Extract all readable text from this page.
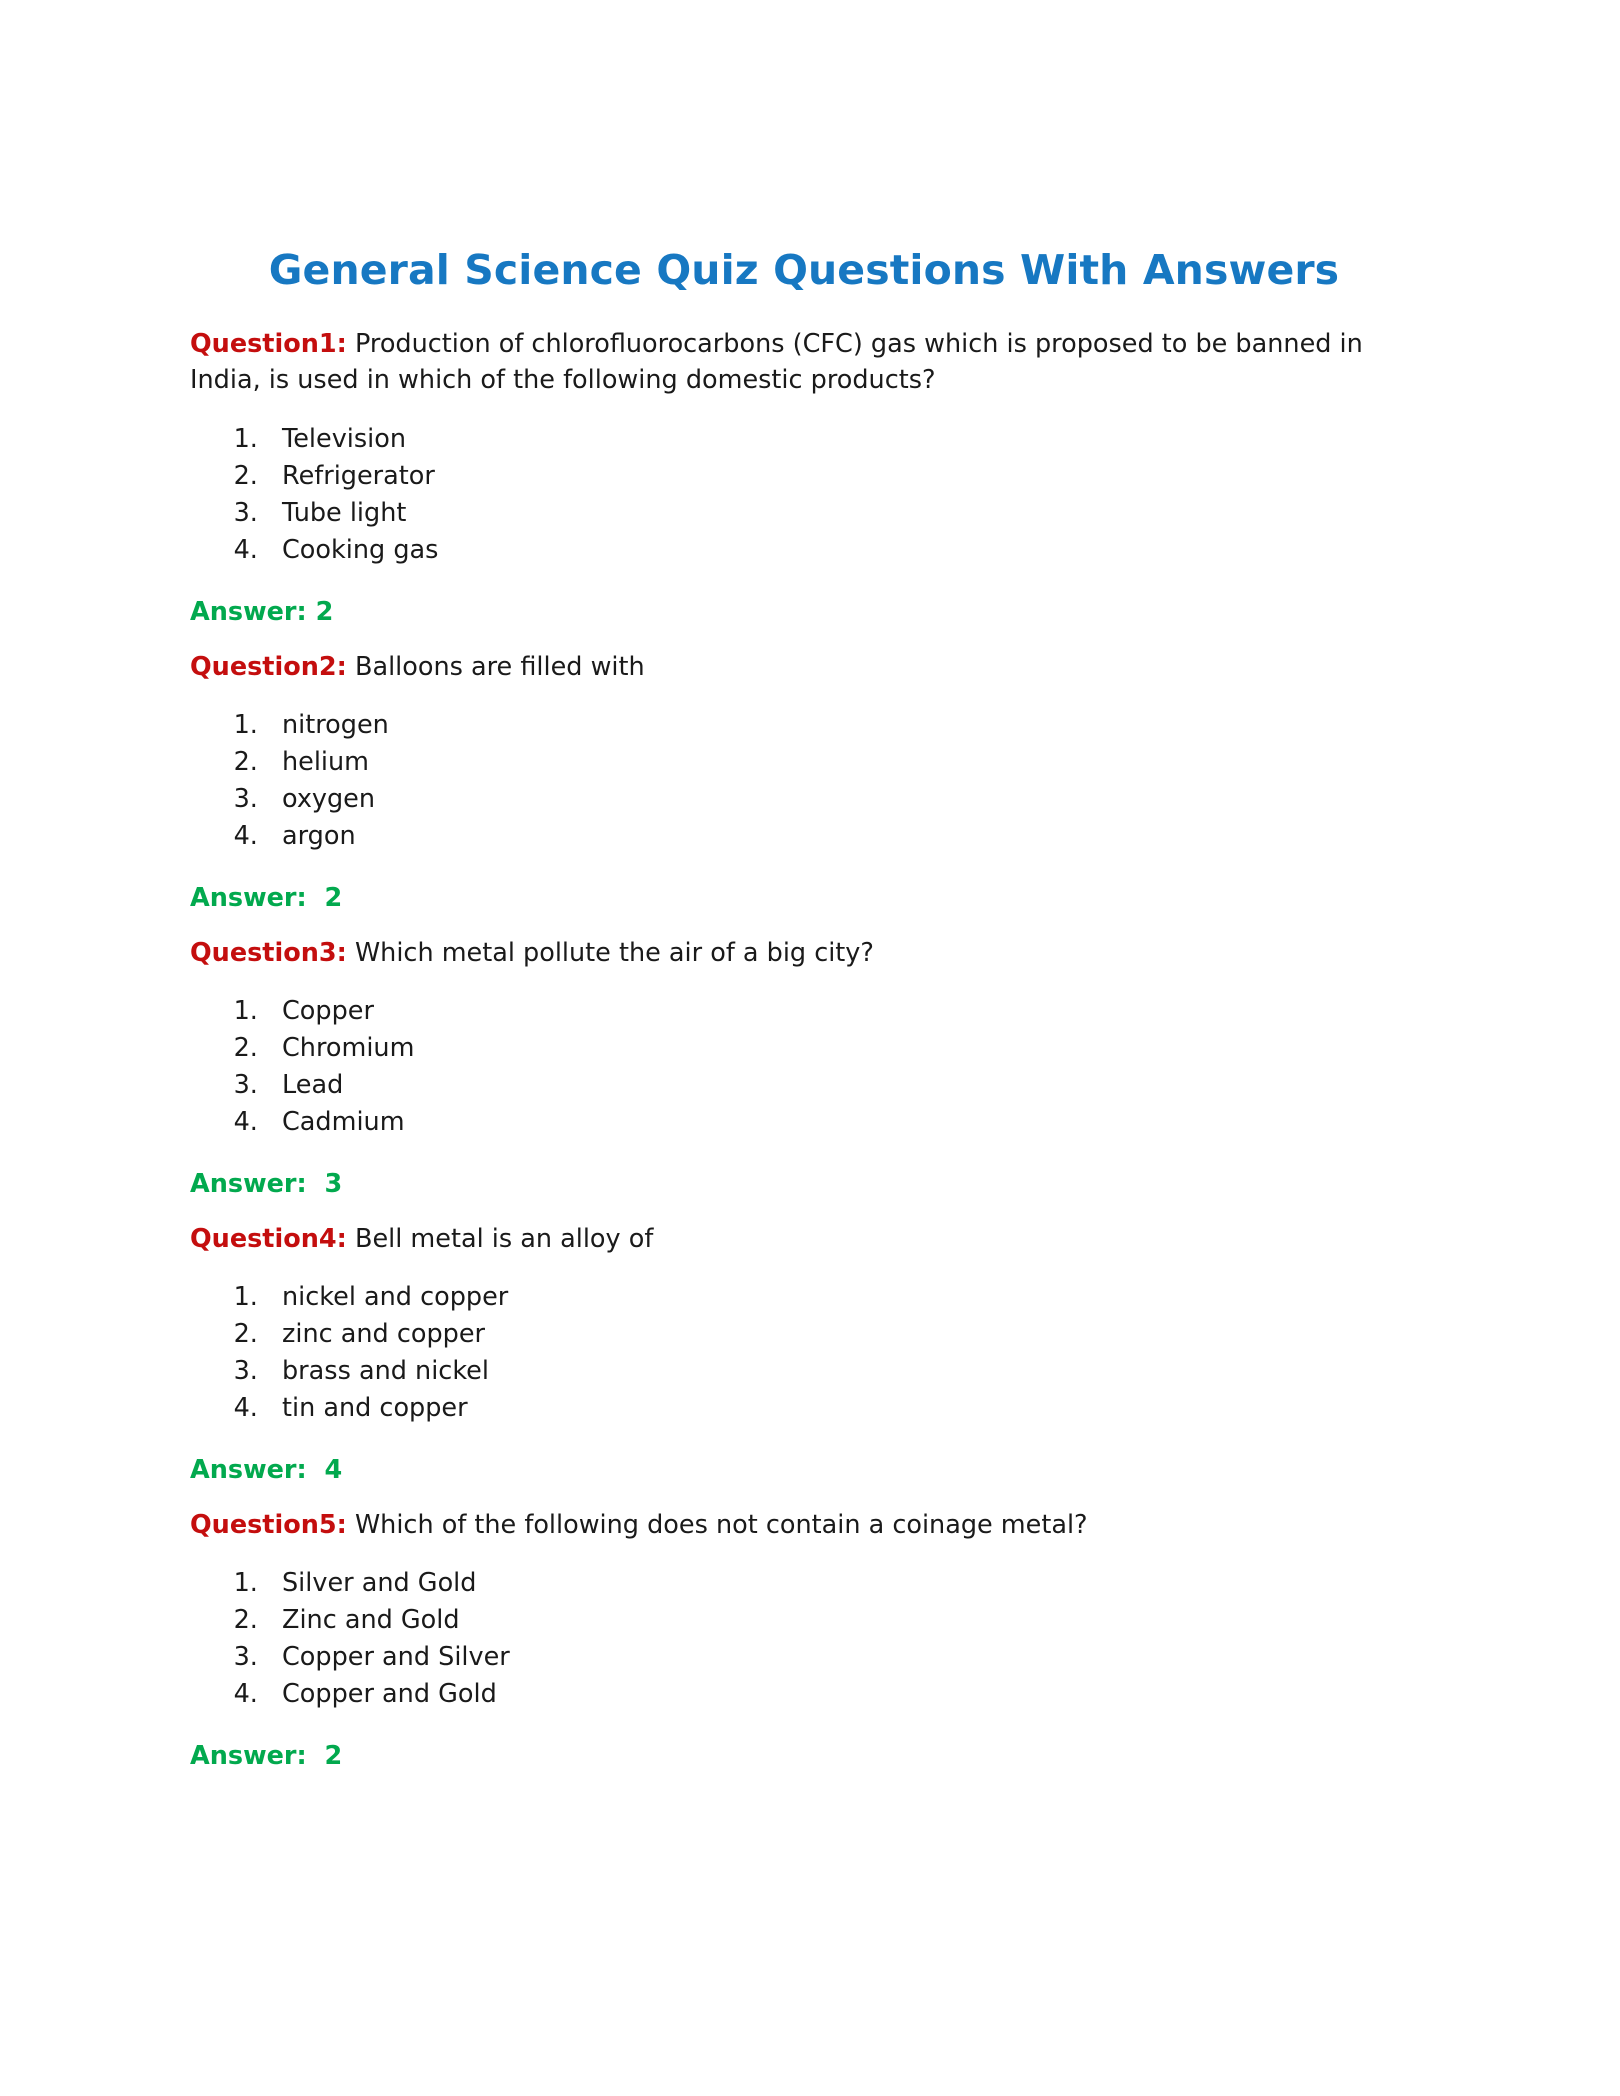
General Science Quiz Questions With Answers

Question1: Production of chlorofluorocarbons (CFC) gas which is proposed to be banned in India, is used in which of the following domestic products?

1. Television
2. Refrigerator
3. Tube light
4. Cooking gas

Answer: 2

Question2: Balloons are filled with

1. nitrogen
2. helium
3. oxygen
4. argon

Answer:  2

Question3: Which metal pollute the air of a big city?

1. Copper
2. Chromium
3. Lead
4. Cadmium

Answer:  3

Question4: Bell metal is an alloy of

1. nickel and copper
2. zinc and copper
3. brass and nickel
4. tin and copper

Answer:  4

Question5: Which of the following does not contain a coinage metal?

1. Silver and Gold
2. Zinc and Gold
3. Copper and Silver
4. Copper and Gold

Answer:  2
